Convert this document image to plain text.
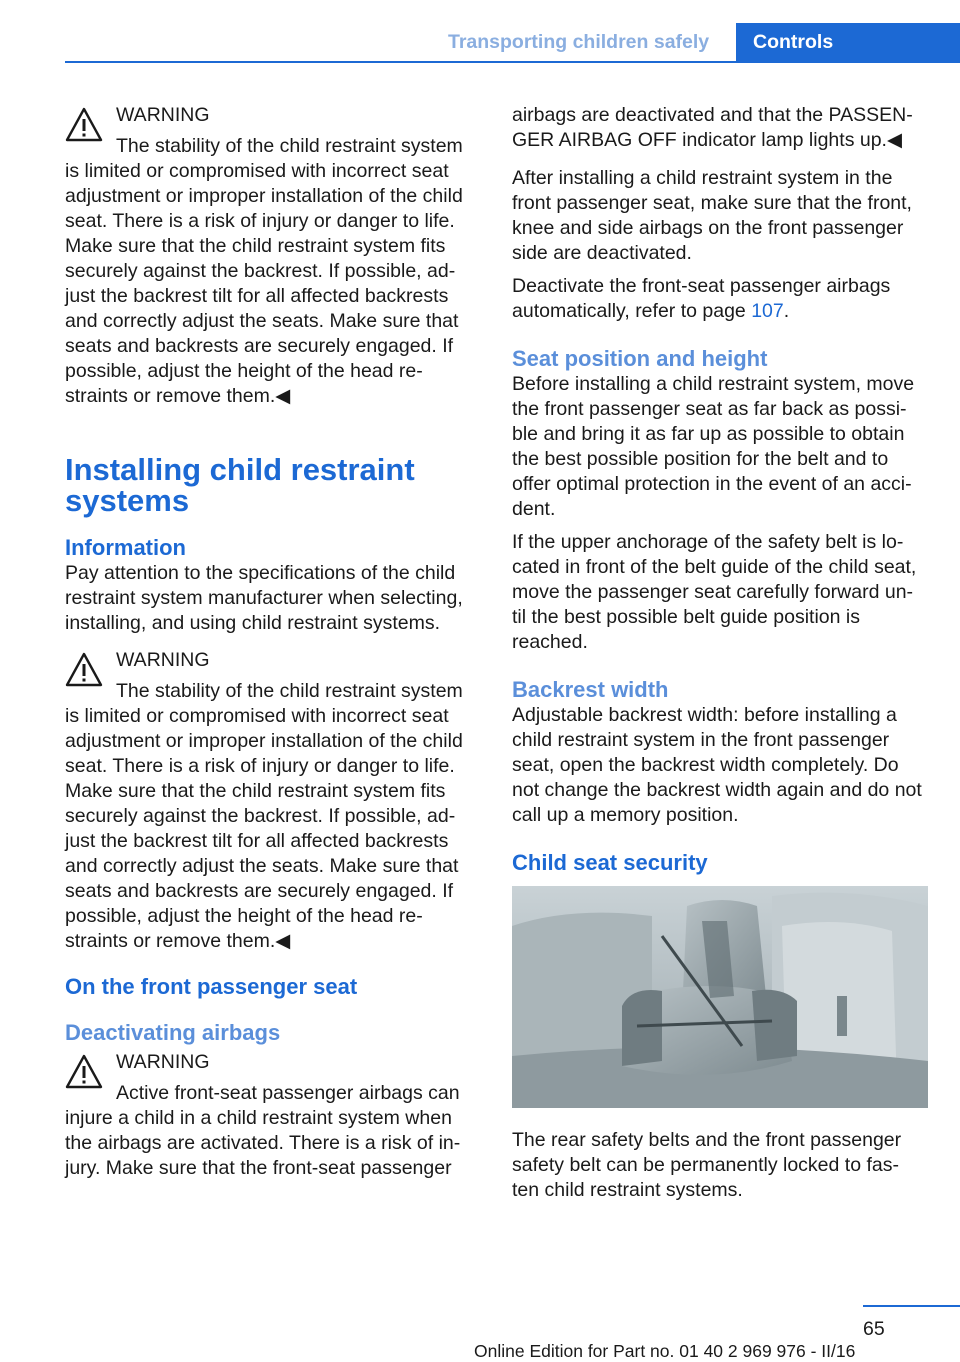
Transporting children safely Controls

WARNING

The stability of the child restraint system is limited or compromised with incorrect seat adjustment or improper installation of the child seat. There is a risk of injury or danger to life. Make sure that the child restraint system fits securely against the backrest. If possible, ad‐ just the backrest tilt for all affected backrests and correctly adjust the seats. Make sure that seats and backrests are securely engaged. If possible, adjust the height of the head re‐ straints or remove them.◀

Installing child restraint systems
Information

Pay attention to the specifications of the child restraint system manufacturer when selecting, installing, and using child restraint systems.

WARNING

The stability of the child restraint system is limited or compromised with incorrect seat adjustment or improper installation of the child seat. There is a risk of injury or danger to life. Make sure that the child restraint system fits securely against the backrest. If possible, ad‐ just the backrest tilt for all affected backrests and correctly adjust the seats. Make sure that seats and backrests are securely engaged. If possible, adjust the height of the head re‐ straints or remove them.◀

On the front passenger seat
Deactivating airbags

WARNING

Active front-seat passenger airbags can injure a child in a child restraint system when the airbags are activated. There is a risk of in‐ jury. Make sure that the front-seat passenger

airbags are deactivated and that the PASSEN‐ GER AIRBAG OFF indicator lamp lights up.◀

After installing a child restraint system in the front passenger seat, make sure that the front, knee and side airbags on the front passenger side are deactivated.

Deactivate the front-seat passenger airbags automatically, refer to page 107.

Seat position and height

Before installing a child restraint system, move the front passenger seat as far back as possi‐ ble and bring it as far up as possible to obtain the best possible position for the belt and to offer optimal protection in the event of an acci‐ dent.

If the upper anchorage of the safety belt is lo‐ cated in front of the belt guide of the child seat, move the passenger seat carefully forward un‐ til the best possible belt guide position is reached.

Backrest width

Adjustable backrest width: before installing a child restraint system in the front passenger seat, open the backrest width completely. Do not change the backrest width again and do not call up a memory position.

Child seat security

The rear safety belts and the front passenger safety belt can be permanently locked to fas‐ ten child restraint systems.

65
Online Edition for Part no. 01 40 2 969 976 - II/16
